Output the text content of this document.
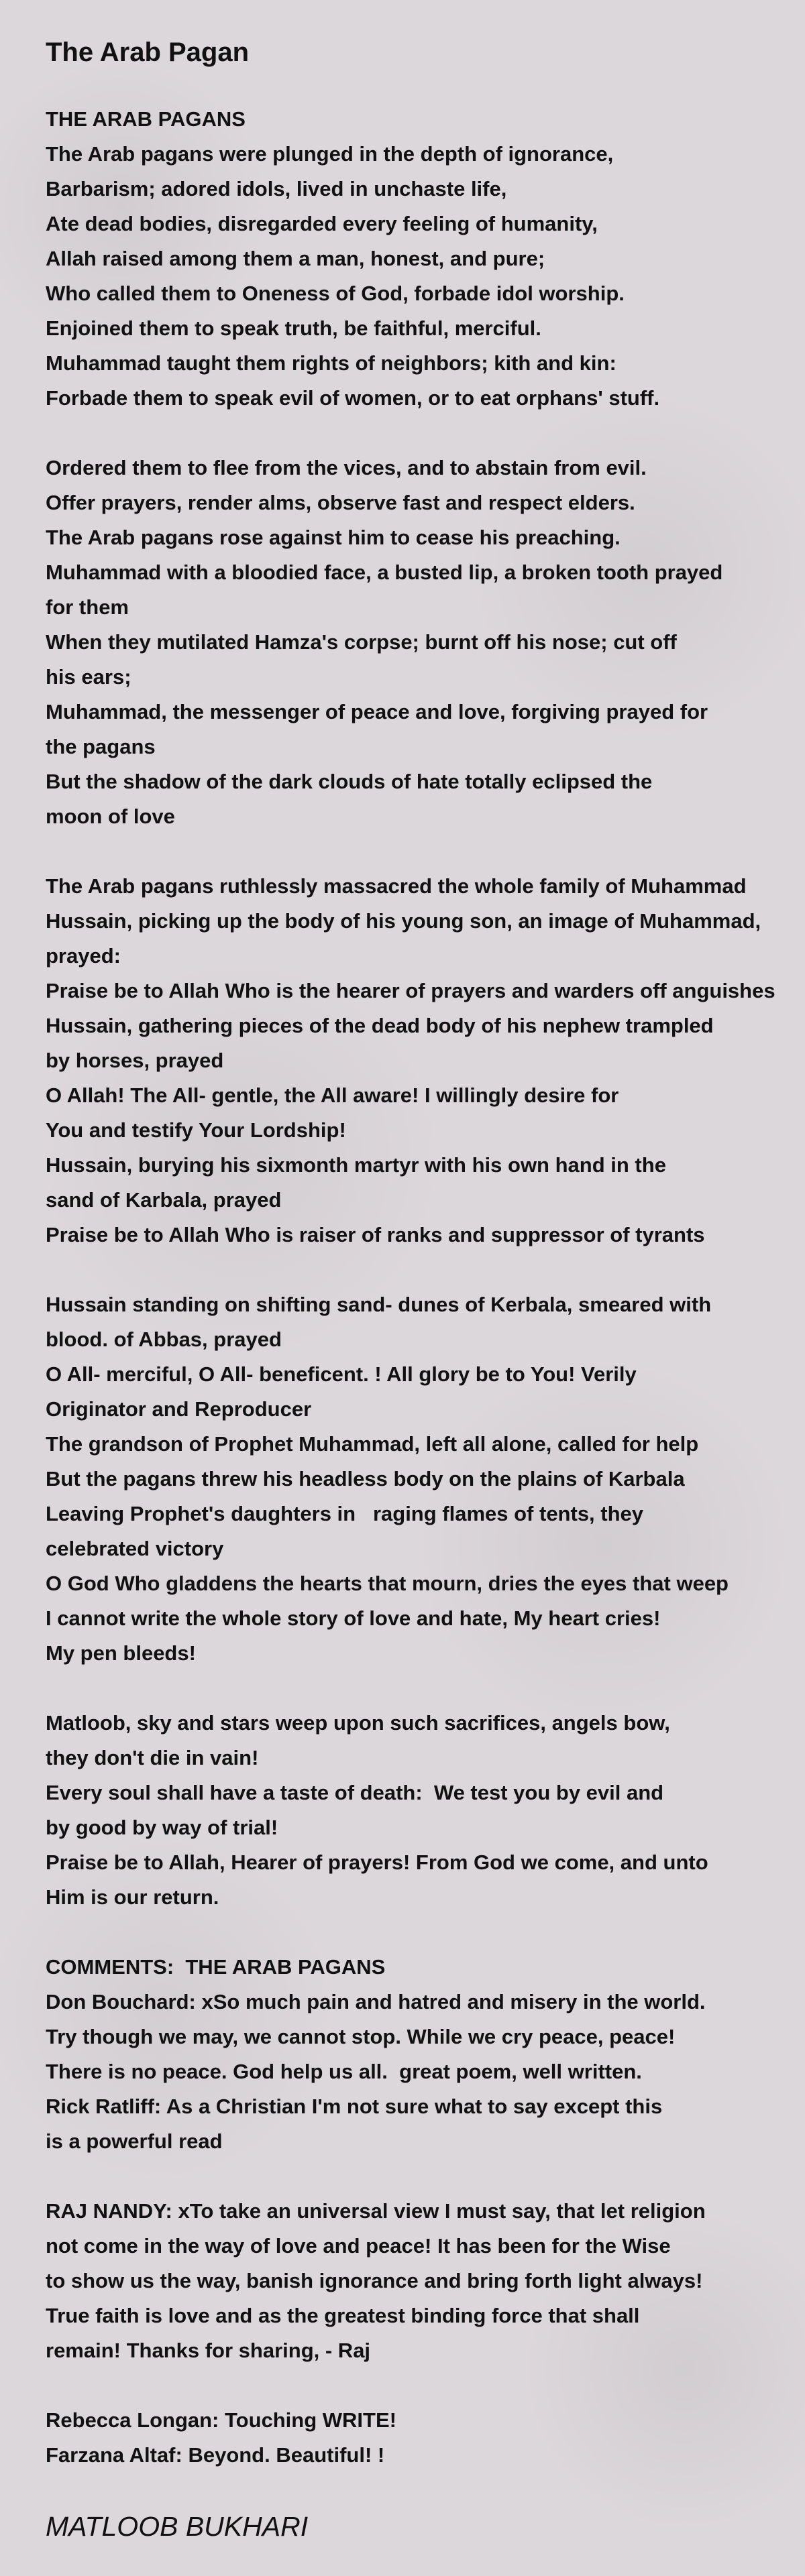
The Arab Pagan
THE ARAB PAGANS
The Arab pagans were plunged in the depth of ignorance,
Barbarism; adored idols, lived in unchaste life,
Ate dead bodies, disregarded every feeling of humanity,
Allah raised among them a man, honest, and pure;
Who called them to Oneness of God, forbade idol worship.
Enjoined them to speak truth, be faithful, merciful.
Muhammad taught them rights of neighbors; kith and kin:
Forbade them to speak evil of women, or to eat orphans' stuff.
Ordered them to flee from the vices, and to abstain from evil.
Offer prayers, render alms, observe fast and respect elders.
The Arab pagans rose against him to cease his preaching.
Muhammad with a bloodied face, a busted lip, a broken tooth prayed
for them
When they mutilated Hamza's corpse; burnt off his nose; cut off
his ears;
Muhammad, the messenger of peace and love, forgiving prayed for
the pagans
But the shadow of the dark clouds of hate totally eclipsed the
moon of love
The Arab pagans ruthlessly massacred the whole family of Muhammad
Hussain, picking up the body of his young son, an image of Muhammad,
prayed:
Praise be to Allah Who is the hearer of prayers and warders off anguishes
Hussain, gathering pieces of the dead body of his nephew trampled
by horses, prayed
O Allah! The All- gentle, the All aware! I willingly desire for
You and testify Your Lordship!
Hussain, burying his sixmonth martyr with his own hand in the
sand of Karbala, prayed
Praise be to Allah Who is raiser of ranks and suppressor of tyrants
Hussain standing on shifting sand- dunes of Kerbala, smeared with
blood. of Abbas, prayed
O All- merciful, O All- beneficent. ! All glory be to You! Verily
Originator and Reproducer
The grandson of Prophet Muhammad, left all alone, called for help
But the pagans threw his headless body on the plains of Karbala
Leaving Prophet's daughters in   raging flames of tents, they
celebrated victory
O God Who gladdens the hearts that mourn, dries the eyes that weep
I cannot write the whole story of love and hate, My heart cries!
My pen bleeds!
Matloob, sky and stars weep upon such sacrifices, angels bow,
they don't die in vain!
Every soul shall have a taste of death:  We test you by evil and
by good by way of trial!
Praise be to Allah, Hearer of prayers! From God we come, and unto
Him is our return.
COMMENTS:  THE ARAB PAGANS
Don Bouchard: xSo much pain and hatred and misery in the world.
Try though we may, we cannot stop. While we cry peace, peace!
There is no peace. God help us all.  great poem, well written.
Rick Ratliff: As a Christian I'm not sure what to say except this
is a powerful read
RAJ NANDY: xTo take an universal view I must say, that let religion
not come in the way of love and peace! It has been for the Wise
to show us the way, banish ignorance and bring forth light always!
True faith is love and as the greatest binding force that shall
remain! Thanks for sharing, - Raj
Rebecca Longan: Touching WRITE!
Farzana Altaf: Beyond. Beautiful! !
MATLOOB BUKHARI
